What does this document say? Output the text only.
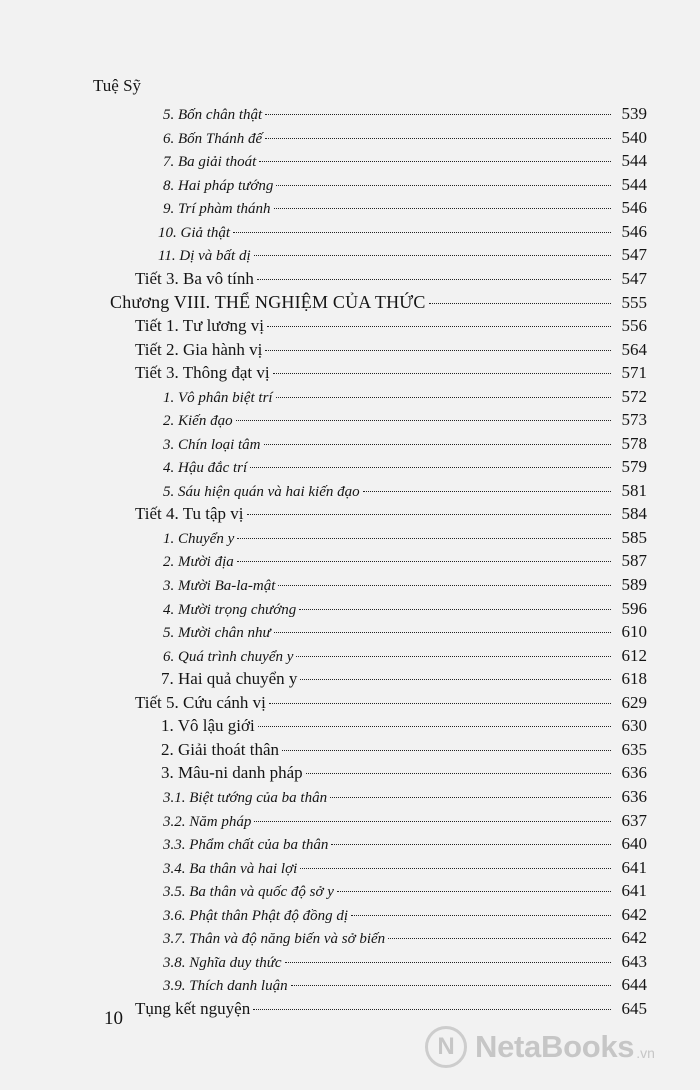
Tuệ Sỹ
5. Bốn chân thật	539
6. Bốn Thánh đế	540
7. Ba giải thoát	544
8. Hai pháp tướng	544
9. Trí phàm thánh	546
10. Giả thật	546
11. Dị và bất dị	547
Tiết 3. Ba vô tính	547
Chương VIII. THỂ NGHIỆM CỦA THỨC	555
Tiết 1. Tư lương vị	556
Tiết 2. Gia hành vị	564
Tiết 3. Thông đạt vị	571
1. Vô phân biệt trí	572
2. Kiến đạo	573
3. Chín loại tâm	578
4. Hậu đắc trí	579
5. Sáu hiện quán và hai kiến đạo	581
Tiết 4. Tu tập vị	584
1. Chuyển y	585
2. Mười địa	587
3. Mười Ba-la-mật	589
4. Mười trọng chướng	596
5. Mười chân như	610
6. Quá trình chuyển y	612
7. Hai quả chuyển y	618
Tiết 5. Cứu cánh vị	629
1. Vô lậu giới	630
2. Giải thoát thân	635
3. Mâu-ni danh pháp	636
3.1. Biệt tướng của ba thân	636
3.2. Năm pháp	637
3.3. Phẩm chất của ba thân	640
3.4. Ba thân và hai lợi	641
3.5. Ba thân và quốc độ sở y	641
3.6. Phật thân Phật độ đồng dị	642
3.7. Thân và độ năng biến và sở biến	642
3.8. Nghĩa duy thức	643
3.9. Thích danh luận	644
Tụng kết nguyện	645
10
N NetaBooks .vn
